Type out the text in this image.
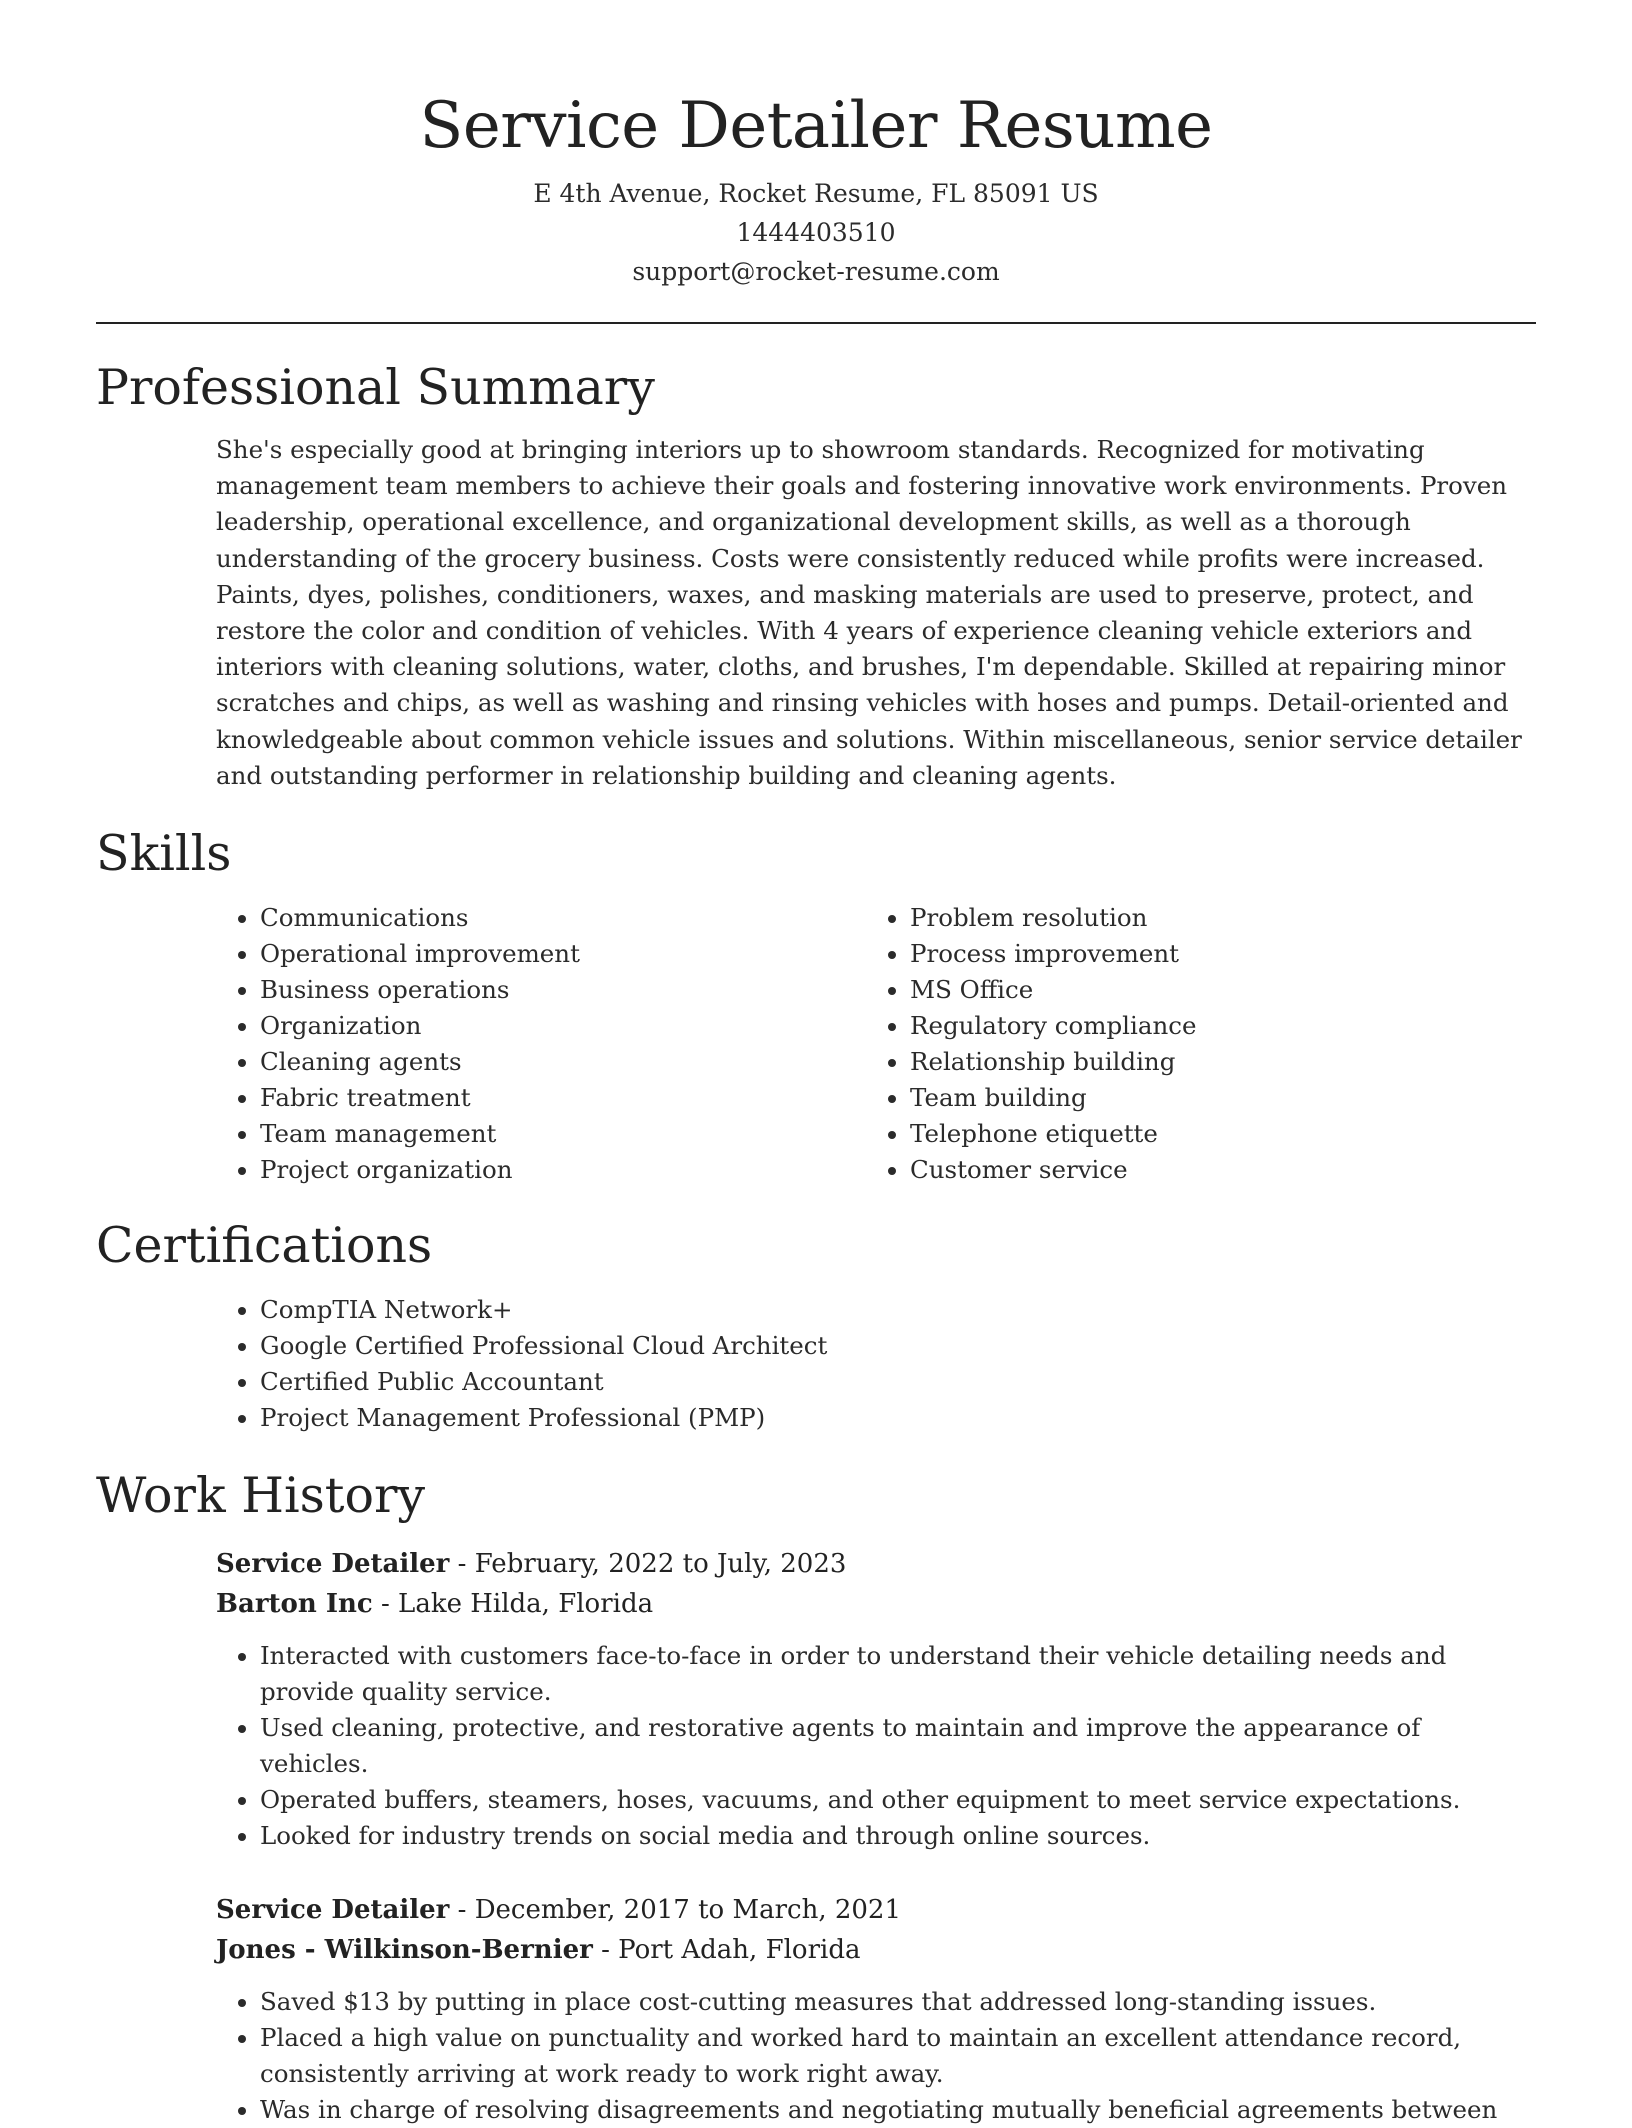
Service Detailer Resume
E 4th Avenue, Rocket Resume, FL 85091 US
1444403510
support@rocket-resume.com
Professional Summary

She's especially good at bringing interiors up to showroom standards. Recognized for motivating management team members to achieve their goals and fostering innovative work environments. Proven leadership, operational excellence, and organizational development skills, as well as a thorough understanding of the grocery business. Costs were consistently reduced while profits were increased. Paints, dyes, polishes, conditioners, waxes, and masking materials are used to preserve, protect, and restore the color and condition of vehicles. With 4 years of experience cleaning vehicle exteriors and interiors with cleaning solutions, water, cloths, and brushes, I'm dependable. Skilled at repairing minor scratches and chips, as well as washing and rinsing vehicles with hoses and pumps. Detail-oriented and knowledgeable about common vehicle issues and solutions. Within miscellaneous, senior service detailer and outstanding performer in relationship building and cleaning agents.

Skills
• Communications
• Operational improvement
• Business operations
• Organization
• Cleaning agents
• Fabric treatment
• Team management
• Project organization
• Problem resolution
• Process improvement
• MS Office
• Regulatory compliance
• Relationship building
• Team building
• Telephone etiquette
• Customer service
Certifications
• CompTIA Network+
• Google Certified Professional Cloud Architect
• Certified Public Accountant
• Project Management Professional (PMP)
Work History
Service Detailer - February, 2022 to July, 2023
Barton Inc - Lake Hilda, Florida
• Interacted with customers face-to-face in order to understand their vehicle detailing needs and provide quality service.
• Used cleaning, protective, and restorative agents to maintain and improve the appearance of vehicles.
• Operated buffers, steamers, hoses, vacuums, and other equipment to meet service expectations.
• Looked for industry trends on social media and through online sources.
Service Detailer - December, 2017 to March, 2021
Jones - Wilkinson-Bernier - Port Adah, Florida
• Saved $13 by putting in place cost-cutting measures that addressed long-standing issues.
• Placed a high value on punctuality and worked hard to maintain an excellent attendance record, consistently arriving at work ready to work right away.
• Was in charge of resolving disagreements and negotiating mutually beneficial agreements between
